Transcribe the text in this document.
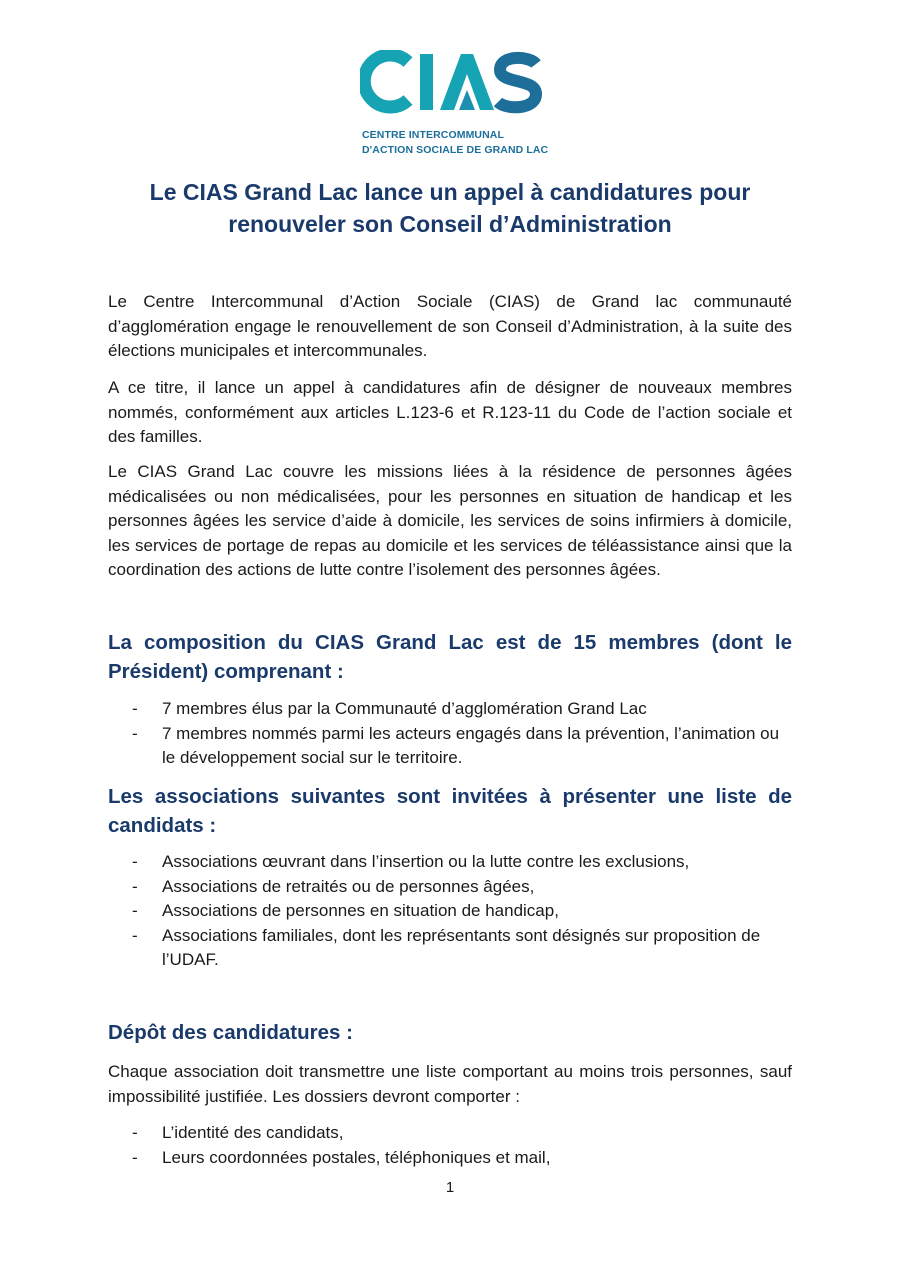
CENTRE INTERCOMMUNAL
D'ACTION SOCIALE DE GRAND LAC
Le CIAS Grand Lac lance un appel à candidatures pour renouveler son Conseil d’Administration
Le Centre Intercommunal d’Action Sociale (CIAS) de Grand lac communauté d’agglomération engage le renouvellement de son Conseil d’Administration, à la suite des élections municipales et intercommunales.
A ce titre, il lance un appel à candidatures afin de désigner de nouveaux membres nommés, conformément aux articles L.123-6 et R.123-11 du Code de l’action sociale et des familles.
Le CIAS Grand Lac couvre les missions liées à la résidence de personnes âgées médicalisées ou non médicalisées, pour les personnes en situation de handicap et les personnes âgées les service d’aide à domicile, les services de soins infirmiers à domicile, les services de portage de repas au domicile et les services de téléassistance ainsi que la coordination des actions de lutte contre l’isolement des personnes âgées.
La composition du CIAS Grand Lac est de 15 membres (dont le Président) comprenant :
- 7 membres élus par la Communauté d’agglomération Grand Lac
- 7 membres nommés parmi les acteurs engagés dans la prévention, l’animation ou le développement social sur le territoire.
Les associations suivantes sont invitées à présenter une liste de candidats :
- Associations œuvrant dans l’insertion ou la lutte contre les exclusions,
- Associations de retraités ou de personnes âgées,
- Associations de personnes en situation de handicap,
- Associations familiales, dont les représentants sont désignés sur proposition de l’UDAF.
Dépôt des candidatures :
Chaque association doit transmettre une liste comportant au moins trois personnes, sauf impossibilité justifiée. Les dossiers devront comporter :
- L’identité des candidats,
- Leurs coordonnées postales, téléphoniques et mail,
1
